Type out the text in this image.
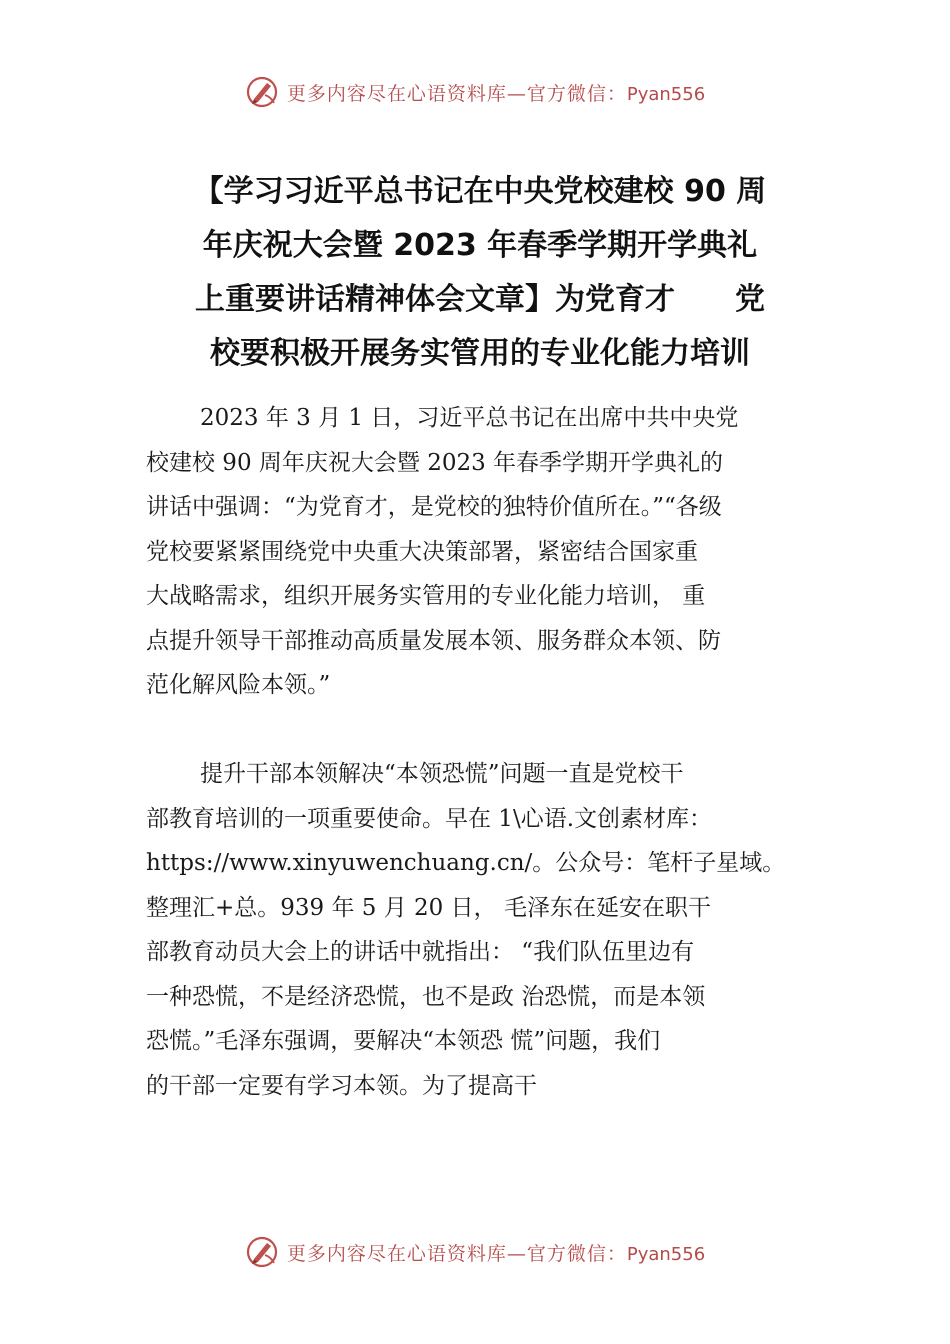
更多内容尽在心语资料库—官方微信：Pyan556
【学习习近平总书记在中央党校建校 90 周
年庆祝大会暨 2023 年春季学期开学典礼
上重要讲话精神体会文章】为党育才　　党
校要积极开展务实管用的专业化能力培训

2023 年 3 月 1 日，习近平总书记在出席中共中央党
校建校 90 周年庆祝大会暨 2023 年春季学期开学典礼的
讲话中强调：“为党育才，是党校的独特价值所在。”“各级
党校要紧紧围绕党中央重大决策部署，紧密结合国家重
大战略需求，组织开展务实管用的专业化能力培训， 重
点提升领导干部推动高质量发展本领、服务群众本领、防
范化解风险本领。”

提升干部本领解决“本领恐慌”问题一直是党校干
部教育培训的一项重要使命。早在 1\心语.文创素材库：
https://www.xinyuwenchuang.cn/。公众号：笔杆子星域。
整理汇+总。939 年 5 月 20 日， 毛泽东在延安在职干
部教育动员大会上的讲话中就指出： “我们队伍里边有
一种恐慌，不是经济恐慌，也不是政 治恐慌，而是本领
恐慌。”毛泽东强调，要解决“本领恐 慌”问题，我们
的干部一定要有学习本领。为了提高干

更多内容尽在心语资料库—官方微信：Pyan556
